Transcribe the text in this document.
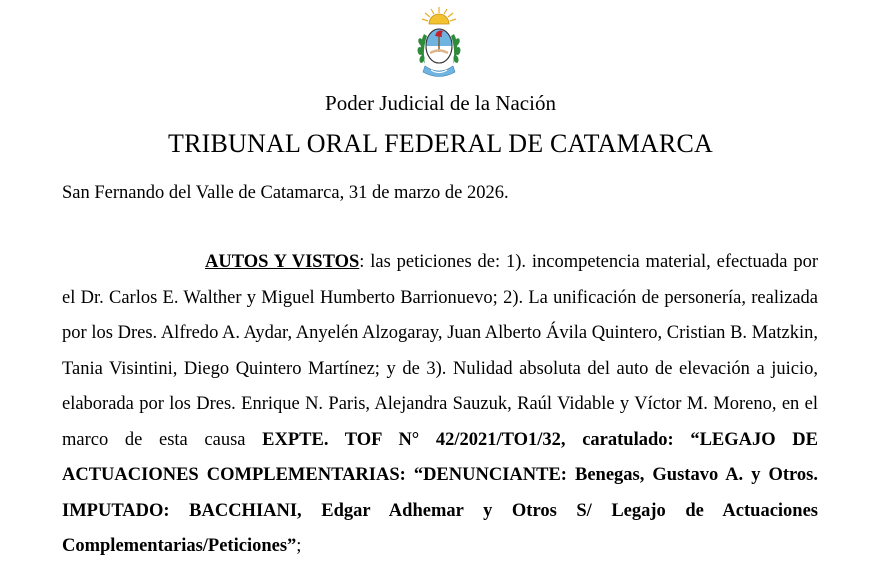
Poder Judicial de la Nación
TRIBUNAL ORAL FEDERAL DE CATAMARCA
San Fernando del Valle de Catamarca, 31 de marzo de 2026.

AUTOS Y VISTOS: las peticiones de: 1). incompetencia material, efectuada por el Dr. Carlos E. Walther y Miguel Humberto Barrionuevo; 2). La unificación de personería, realizada por los Dres. Alfredo A. Aydar, Anyelén Alzogaray, Juan Alberto Ávila Quintero, Cristian B. Matzkin, Tania Visintini, Diego Quintero Martínez; y de 3). Nulidad absoluta del auto de elevación a juicio, elaborada por los Dres. Enrique N. Paris, Alejandra Sauzuk, Raúl Vidable y Víctor M. Moreno, en el marco de esta causa EXPTE. TOF N° 42/2021/TO1/32, caratulado: “LEGAJO DE ACTUACIONES COMPLEMENTARIAS: “DENUNCIANTE: Benegas, Gustavo A. y Otros. IMPUTADO: BACCHIANI, Edgar Adhemar y Otros S/ Legajo de Actuaciones Complementarias/Peticiones”;
